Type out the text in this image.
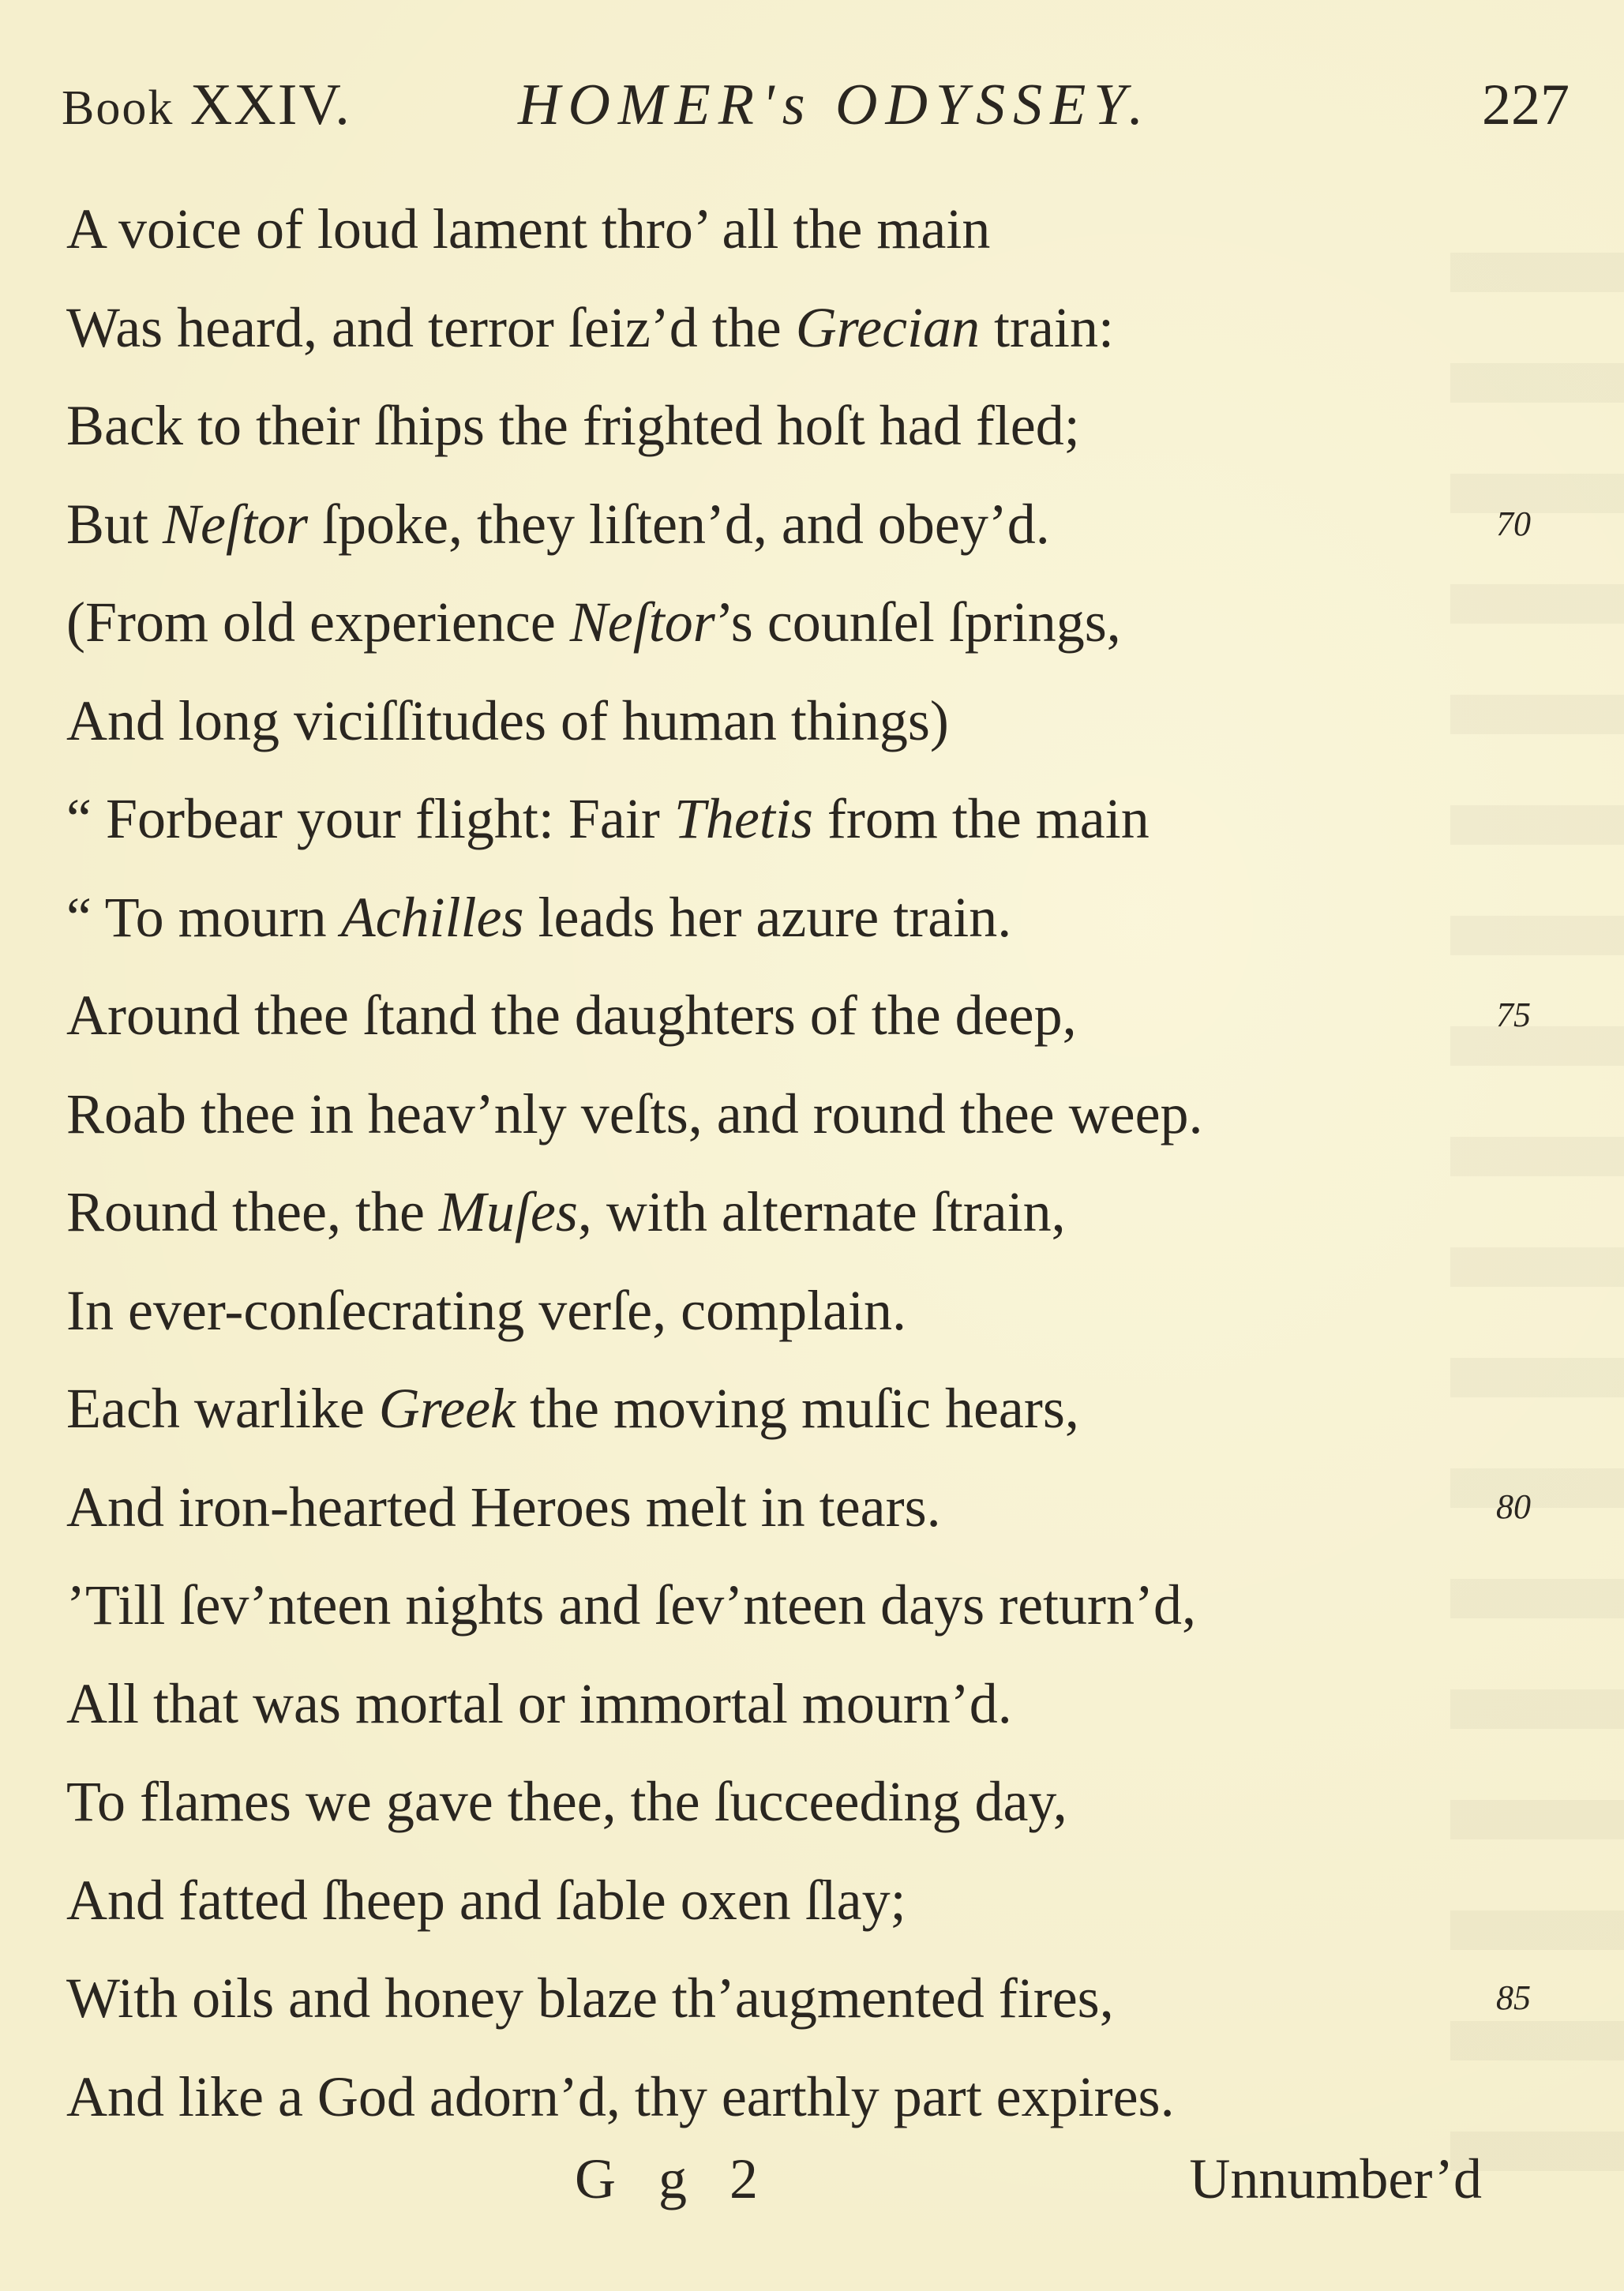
Book XXIV.	HOMER's ODYSSEY.	227
A voice of loud lament thro’ all the main
Was heard, and terror ſeiz’d the Grecian train:
Back to their ſhips the frighted hoſt had fled;
But Neſtor ſpoke, they liſten’d, and obey’d.	70
(From old experience Neſtor’s counſel ſprings,
And long viciſſitudes of human things)
“ Forbear your flight: Fair Thetis from the main
“ To mourn Achilles leads her azure train.
Around thee ſtand the daughters of the deep,	75
Roab thee in heav’nly veſts, and round thee weep.
Round thee, the Muſes, with alternate ſtrain,
In ever-conſecrating verſe, complain.
Each warlike Greek the moving muſic hears,
And iron-hearted Heroes melt in tears.	80
’Till ſev’nteen nights and ſev’nteen days return’d,
All that was mortal or immortal mourn’d.
To flames we gave thee, the ſucceeding day,
And fatted ſheep and ſable oxen ſlay;
With oils and honey blaze th’augmented fires,	85
And like a God adorn’d, thy earthly part expires.
G g 2	Unnumber’d
